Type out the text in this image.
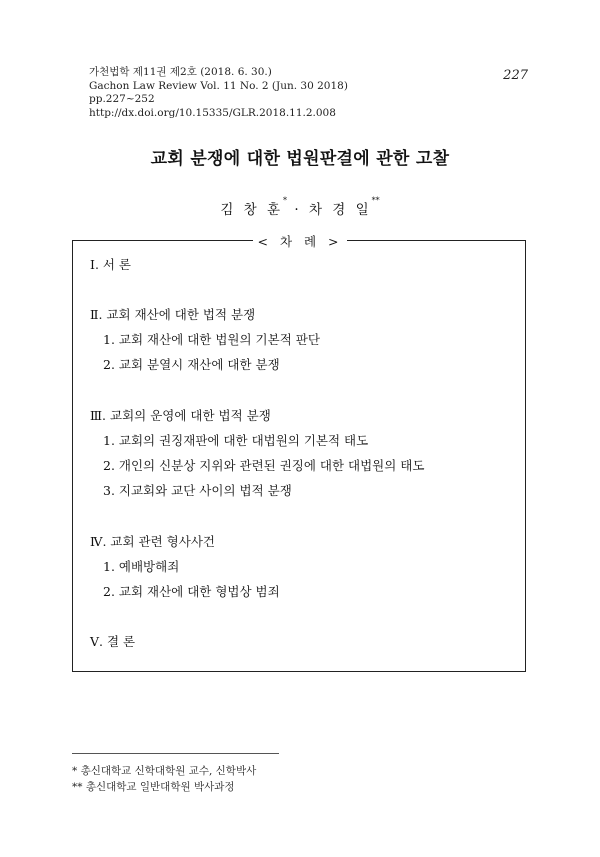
가천법학 제11권 제2호 (2018. 6. 30.)
Gachon Law Review Vol. 11 No. 2 (Jun. 30 2018)
pp.227~252
http://dx.doi.org/10.15335/GLR.2018.11.2.008
227
교회 분쟁에 대한 법원판결에 관한 고찰
김 창 훈* · 차 경 일**
< 차 례 >
Ⅰ. 서 론
Ⅱ. 교회 재산에 대한 법적 분쟁
1. 교회 재산에 대한 법원의 기본적 판단
2. 교회 분열시 재산에 대한 분쟁
Ⅲ. 교회의 운영에 대한 법적 분쟁
1. 교회의 권징재판에 대한 대법원의 기본적 태도
2. 개인의 신분상 지위와 관련된 권징에 대한 대법원의 태도
3. 지교회와 교단 사이의 법적 분쟁
Ⅳ. 교회 관련 형사사건
1. 예배방해죄
2. 교회 재산에 대한 형법상 범죄
Ⅴ. 결 론
* 총신대학교 신학대학원 교수, 신학박사
** 총신대학교 일반대학원 박사과정
